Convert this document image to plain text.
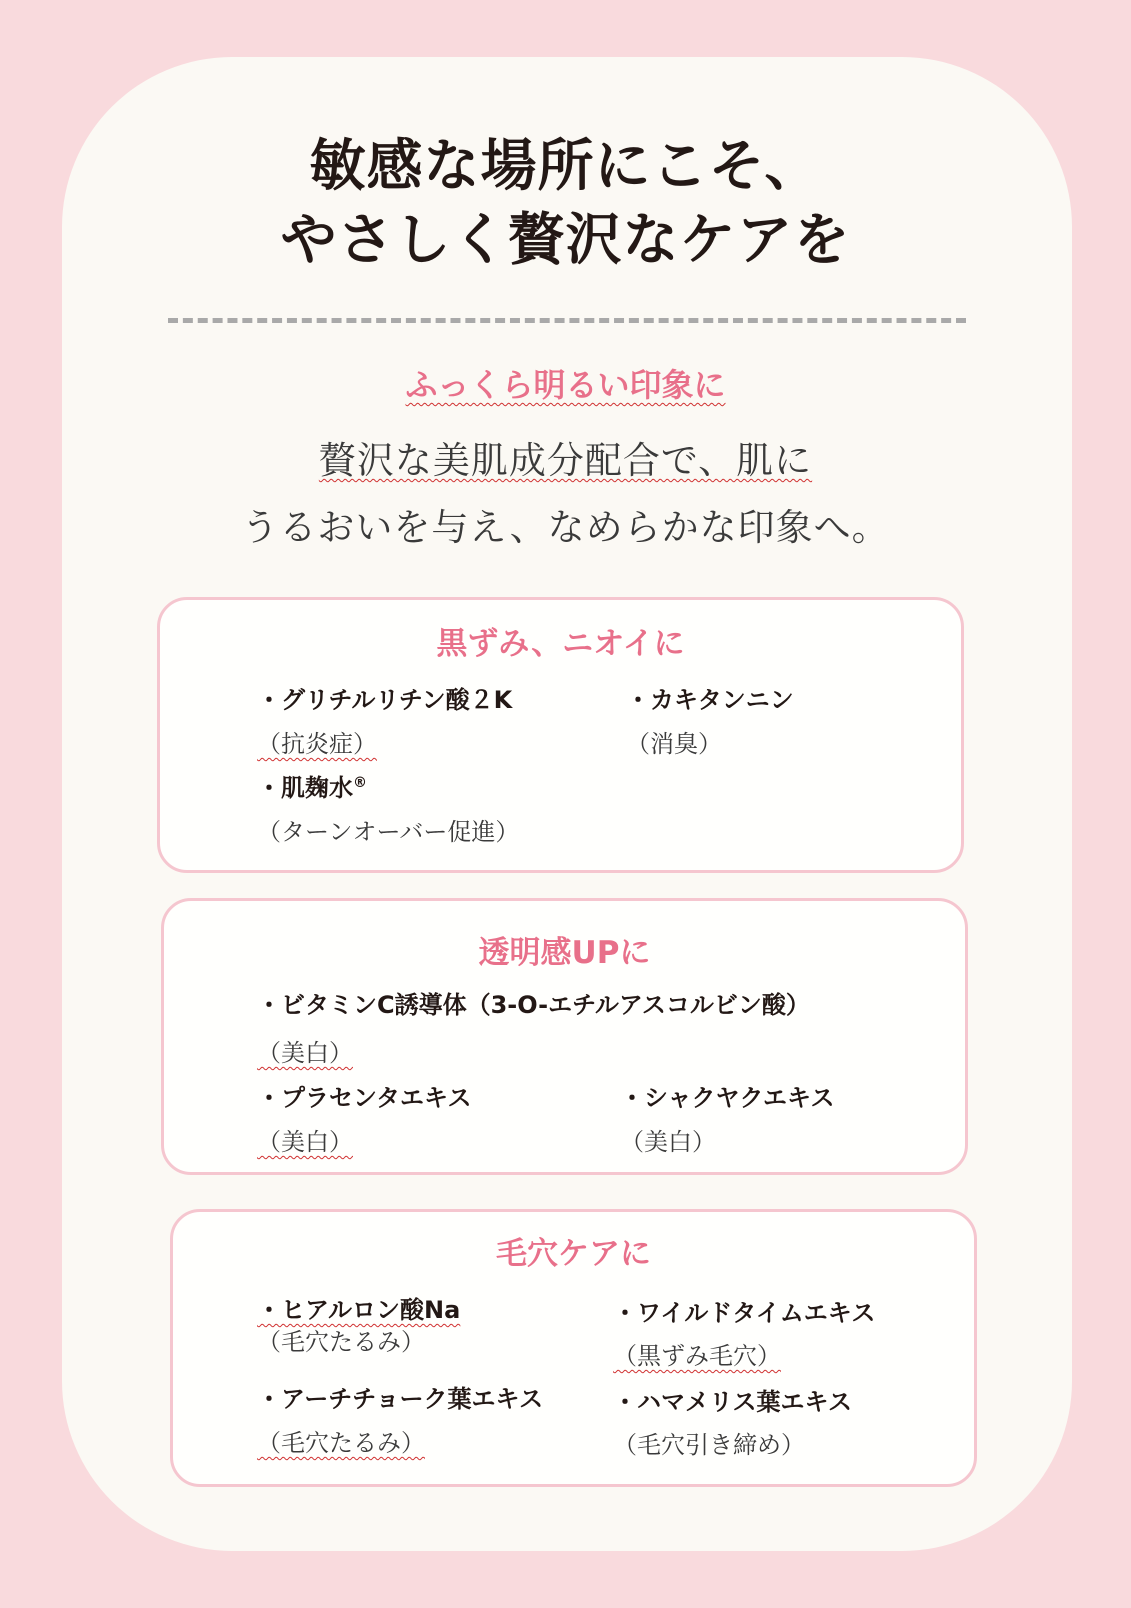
敏感な場所にこそ、
やさしく贅沢なケアを
ふっくら明るい印象に
贅沢な美肌成分配合で、肌に
うるおいを与え、なめらかな印象へ。
黒ずみ、ニオイに
・グリチルリチン酸２K
（抗炎症）
・カキタンニン
（消臭）
・肌麹水®
（ターンオーバー促進）
透明感UPに
・ビタミンC誘導体（3-O-エチルアスコルビン酸）
（美白）
・プラセンタエキス
（美白）
・シャクヤクエキス
（美白）
毛穴ケアに
・ヒアルロン酸Na
（毛穴たるみ）
・ワイルドタイムエキス
（黒ずみ毛穴）
・アーチチョーク葉エキス
（毛穴たるみ）
・ハマメリス葉エキス
（毛穴引き締め）
